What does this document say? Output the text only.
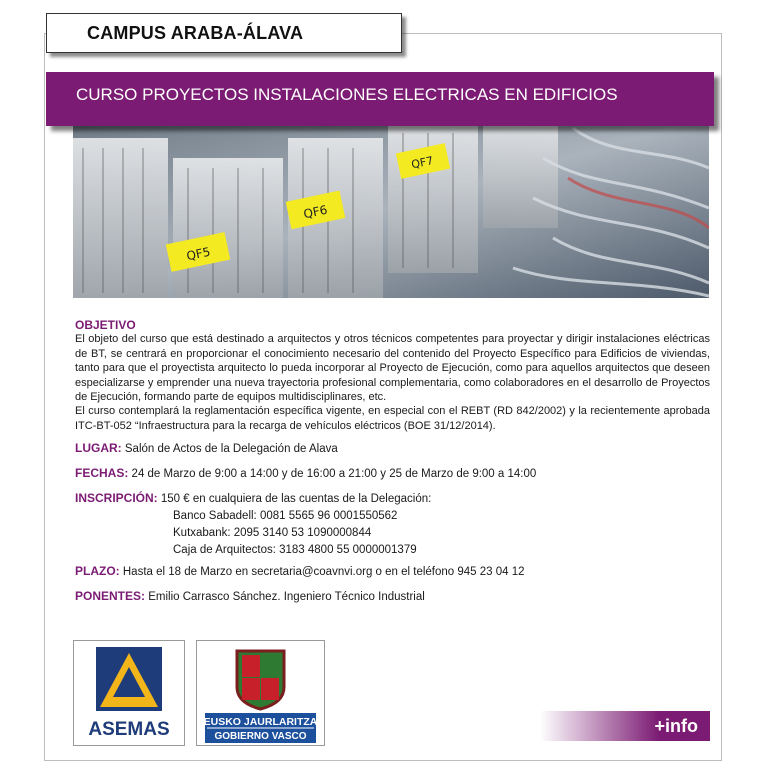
CAMPUS ARABA-ÁLAVA
CURSO PROYECTOS INSTALACIONES ELECTRICAS EN EDIFICIOS
QF5
QF6
QF7
OBJETIVO
El objeto del curso que está destinado a arquitectos y otros técnicos competentes para proyectar y dirigir instalaciones eléctricas de BT, se centrará en proporcionar el conocimiento necesario del contenido del Proyecto Específico para Edificios de viviendas, tanto para que el proyectista arquitecto lo pueda incorporar al Proyecto de Ejecución, como para aquellos arquitectos que deseen especializarse y emprender una nueva trayectoria profesional complementaria, como colaboradores en el desarrollo de Proyectos de Ejecución, formando parte de equipos multidisciplinares, etc.
El curso contemplará la reglamentación específica vigente, en especial con el REBT (RD 842/2002) y la recientemente aprobada ITC-BT-052 “Infraestructura para la recarga de vehículos eléctricos (BOE 31/12/2014).
LUGAR: Salón de Actos de la Delegación de Alava
FECHAS: 24 de Marzo de 9:00 a 14:00 y de 16:00 a 21:00 y 25 de Marzo de 9:00 a 14:00
INSCRIPCIÓN: 150 € en cualquiera de las cuentas de la Delegación:
Banco Sabadell: 0081 5565 96 0001550562
Kutxabank: 2095 3140 53 1090000844
Caja de Arquitectos: 3183 4800 55 0000001379
PLAZO: Hasta el 18 de Marzo en secretaria@coavnvi.org o en el teléfono 945 23 04 12
PONENTES: Emilio Carrasco Sánchez. Ingeniero Técnico Industrial
ASEMAS	EUSKO JAURLARITZA
GOBIERNO VASCO
+info
